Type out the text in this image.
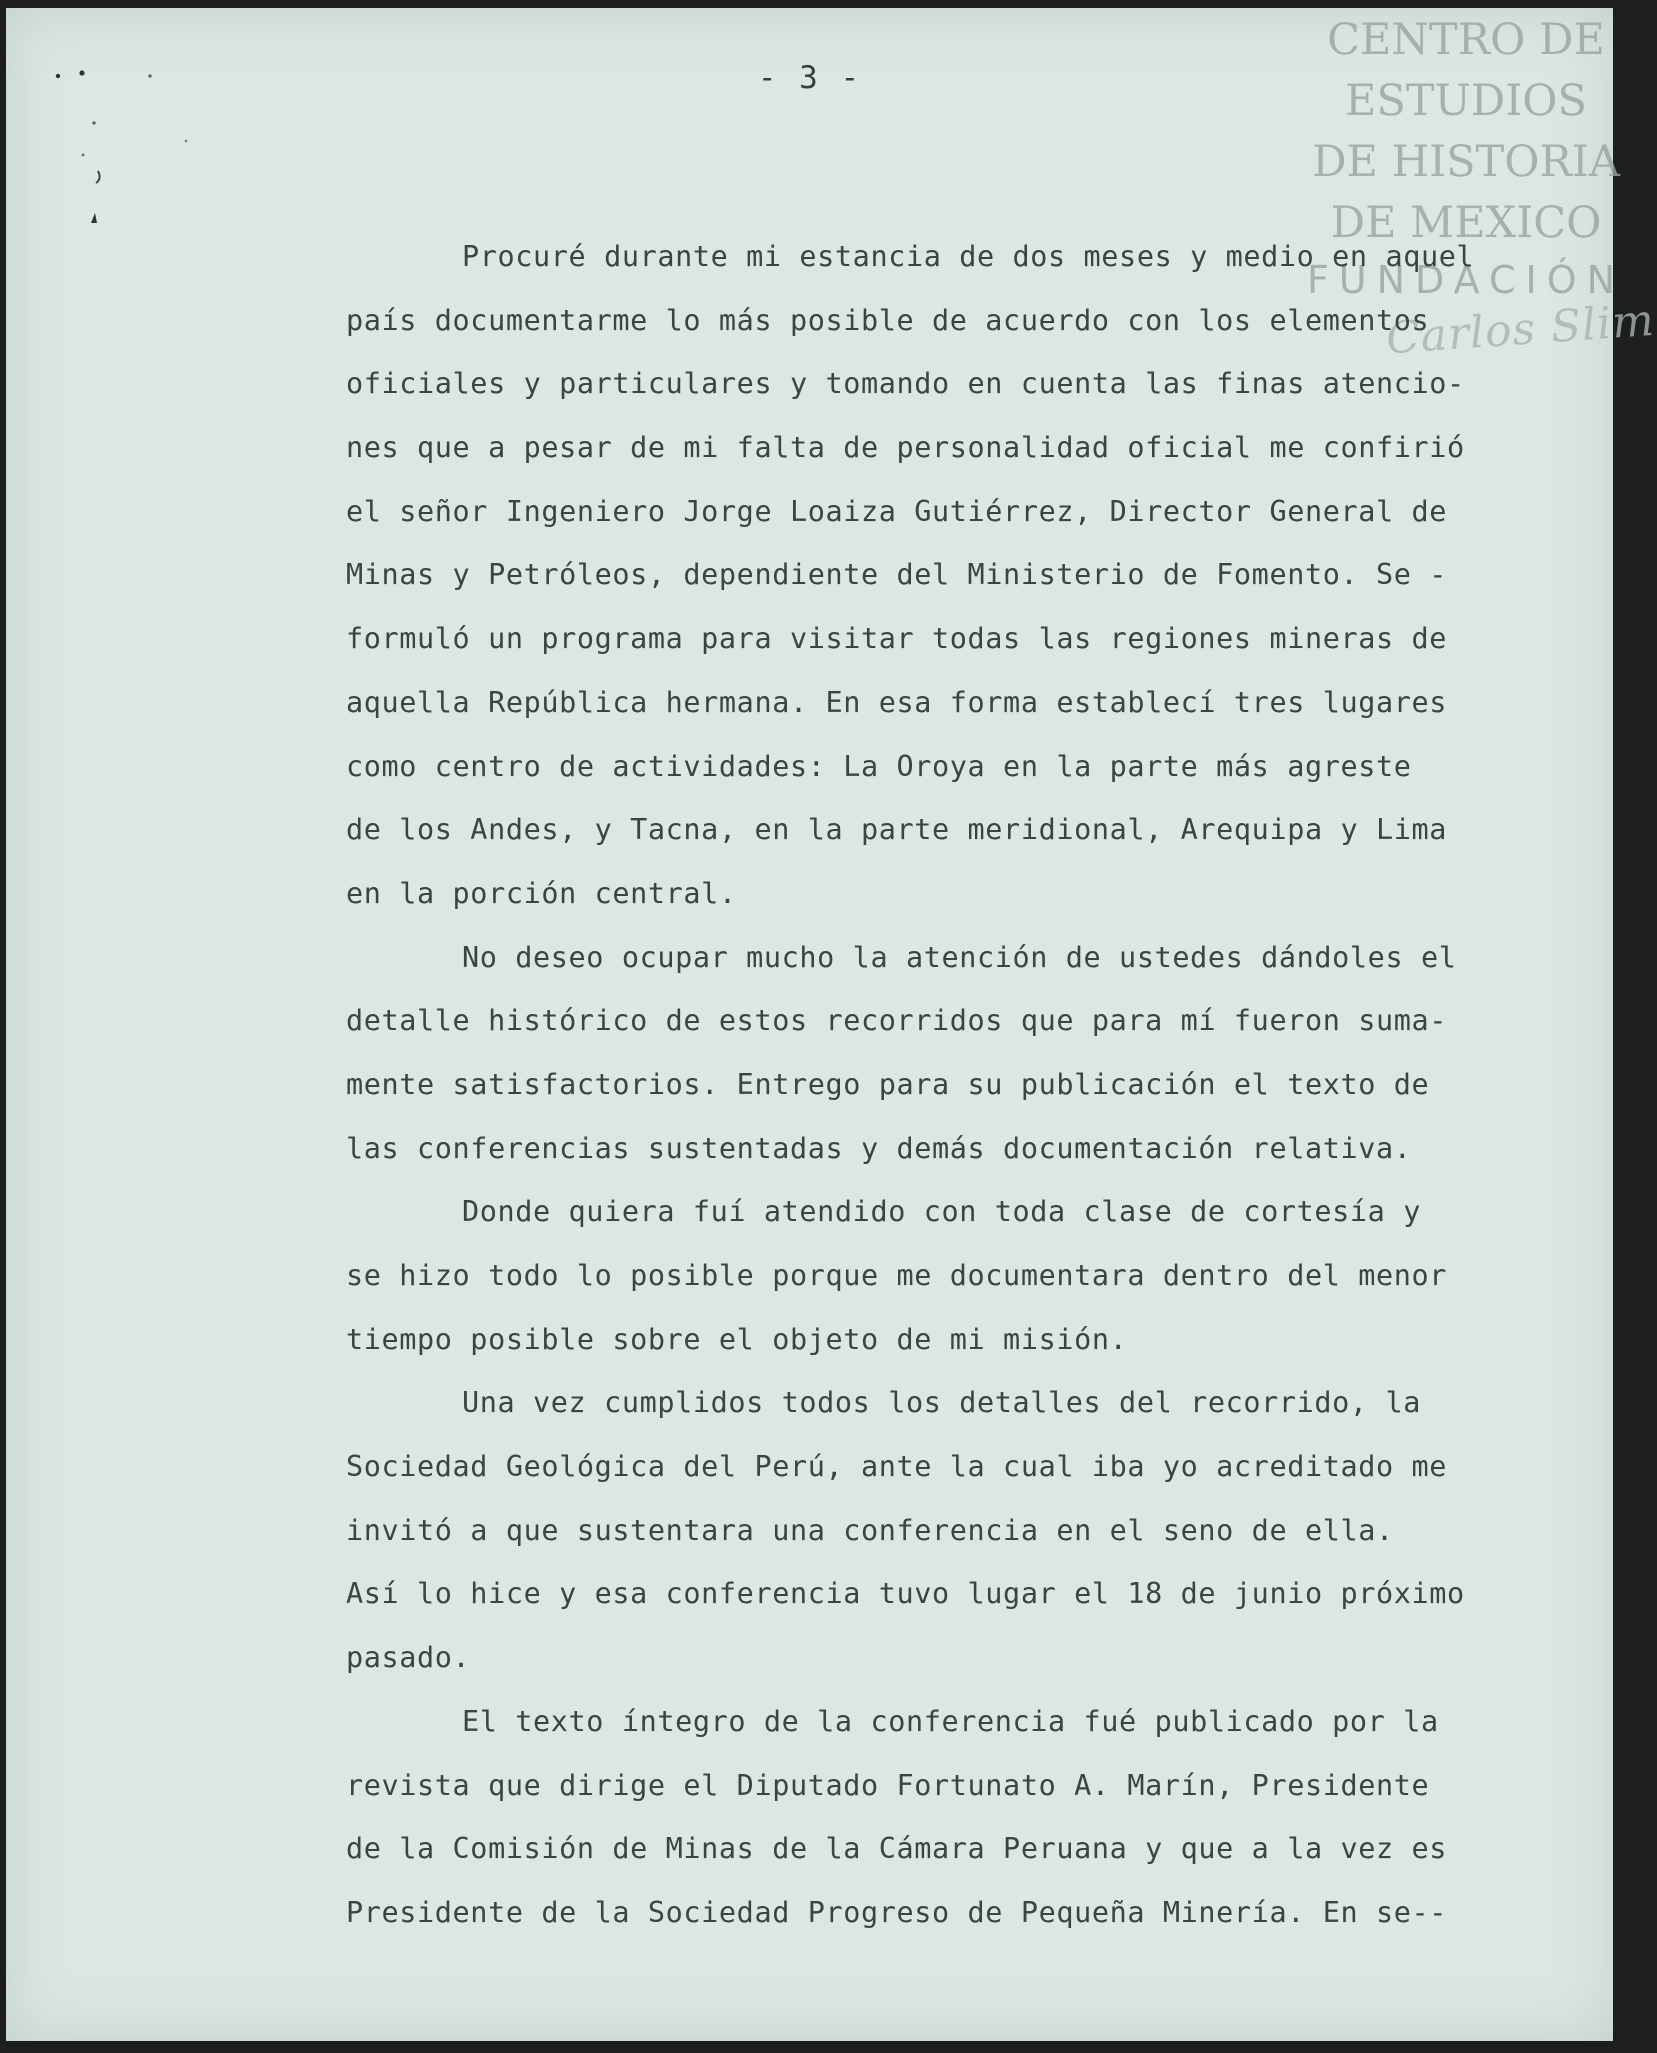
CENTRO DE
ESTUDIOS
DE HISTORIA
DE MEXICO
FUNDACIÓN
Carlos Slim
- 3 -
Procuré durante mi estancia de dos meses y medio en aquel
país documentarme lo más posible de acuerdo con los elementos
oficiales y particulares y tomando en cuenta las finas atencio-
nes que a pesar de mi falta de personalidad oficial me confirió
el señor Ingeniero Jorge Loaiza Gutiérrez, Director General de
Minas y Petróleos, dependiente del Ministerio de Fomento. Se -
formuló un programa para visitar todas las regiones mineras de
aquella República hermana. En esa forma establecí tres lugares
como centro de actividades: La Oroya en la parte más agreste
de los Andes, y Tacna, en la parte meridional, Arequipa y Lima
en la porción central.
No deseo ocupar mucho la atención de ustedes dándoles el
detalle histórico de estos recorridos que para mí fueron suma-
mente satisfactorios. Entrego para su publicación el texto de
las conferencias sustentadas y demás documentación relativa.
Donde quiera fuí atendido con toda clase de cortesía y
se hizo todo lo posible porque me documentara dentro del menor
tiempo posible sobre el objeto de mi misión.
Una vez cumplidos todos los detalles del recorrido, la
Sociedad Geológica del Perú, ante la cual iba yo acreditado me
invitó a que sustentara una conferencia en el seno de ella.
Así lo hice y esa conferencia tuvo lugar el 18 de junio próximo
pasado.
El texto íntegro de la conferencia fué publicado por la
revista que dirige el Diputado Fortunato A. Marín, Presidente
de la Comisión de Minas de la Cámara Peruana y que a la vez es
Presidente de la Sociedad Progreso de Pequeña Minería. En se--
